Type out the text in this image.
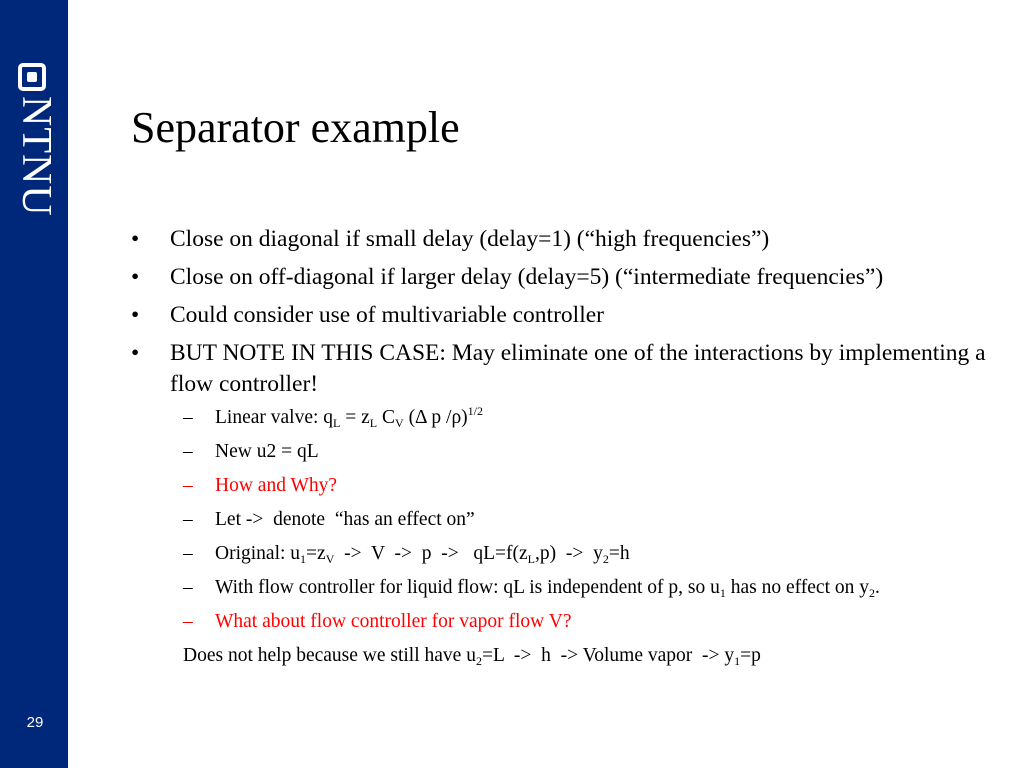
NTNU
29
Separator example
• Close on diagonal if small delay (delay=1) (“high frequencies”)
• Close on off-diagonal if larger delay (delay=5) (“intermediate frequencies”)
• Could consider use of multivariable controller
• BUT NOTE IN THIS CASE: May eliminate one of the interactions by implementing a flow controller!
– Linear valve: $q_L = z_L$ $C_V$ (Δ p /ρ)$^{1/2}$
– New u2 = qL
– How and Why?
– Let ->  denote  “has an effect on”
– Original: $u_1=z_V -> V -> p -> qL=f(z_L,p) -> y_2=h$
– With flow controller for liquid flow: qL is independent of p, so $u_1$ has no effect on $y_2$.
– What about flow controller for vapor flow V?
Does not help because we still have $u_2=L -> h$  -> Volume vapor  -> $y_1=p$
